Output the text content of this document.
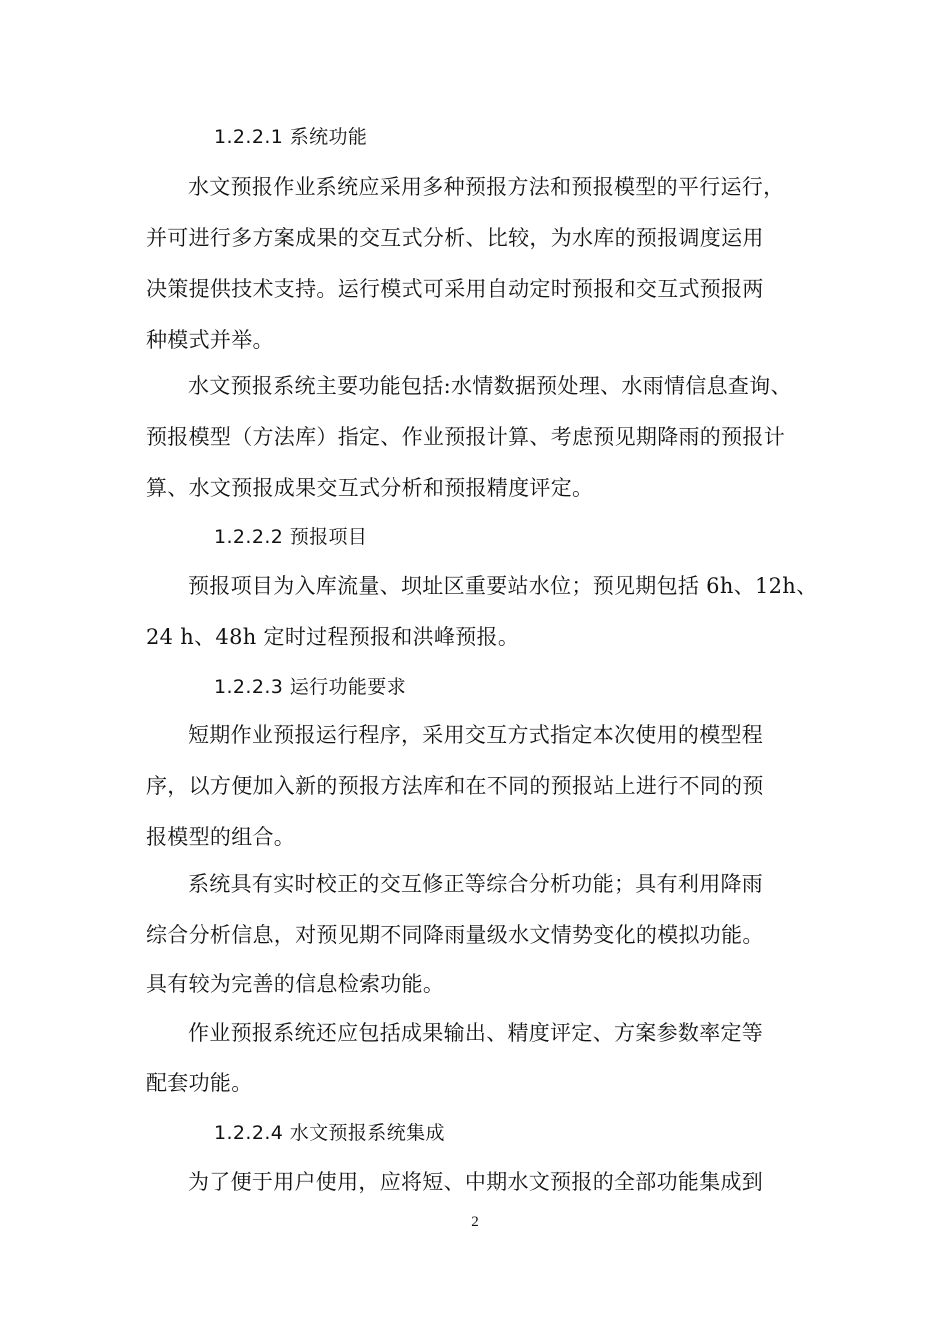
1.2.2.1 系统功能
水文预报作业系统应采用多种预报方法和预报模型的平行运行，
并可进行多方案成果的交互式分析、比较，为水库的预报调度运用
决策提供技术支持。运行模式可采用自动定时预报和交互式预报两
种模式并举。
水文预报系统主要功能包括:水情数据预处理、水雨情信息查询、
预报模型（方法库）指定、作业预报计算、考虑预见期降雨的预报计
算、水文预报成果交互式分析和预报精度评定。
1.2.2.2 预报项目
预报项目为入库流量、坝址区重要站水位；预见期包括 6h、12h、
24 h、48h 定时过程预报和洪峰预报。
1.2.2.3 运行功能要求
短期作业预报运行程序，采用交互方式指定本次使用的模型程
序，以方便加入新的预报方法库和在不同的预报站上进行不同的预
报模型的组合。
系统具有实时校正的交互修正等综合分析功能；具有利用降雨
综合分析信息，对预见期不同降雨量级水文情势变化的模拟功能。
具有较为完善的信息检索功能。
作业预报系统还应包括成果输出、精度评定、方案参数率定等
配套功能。
1.2.2.4 水文预报系统集成
为了便于用户使用，应将短、中期水文预报的全部功能集成到
2
